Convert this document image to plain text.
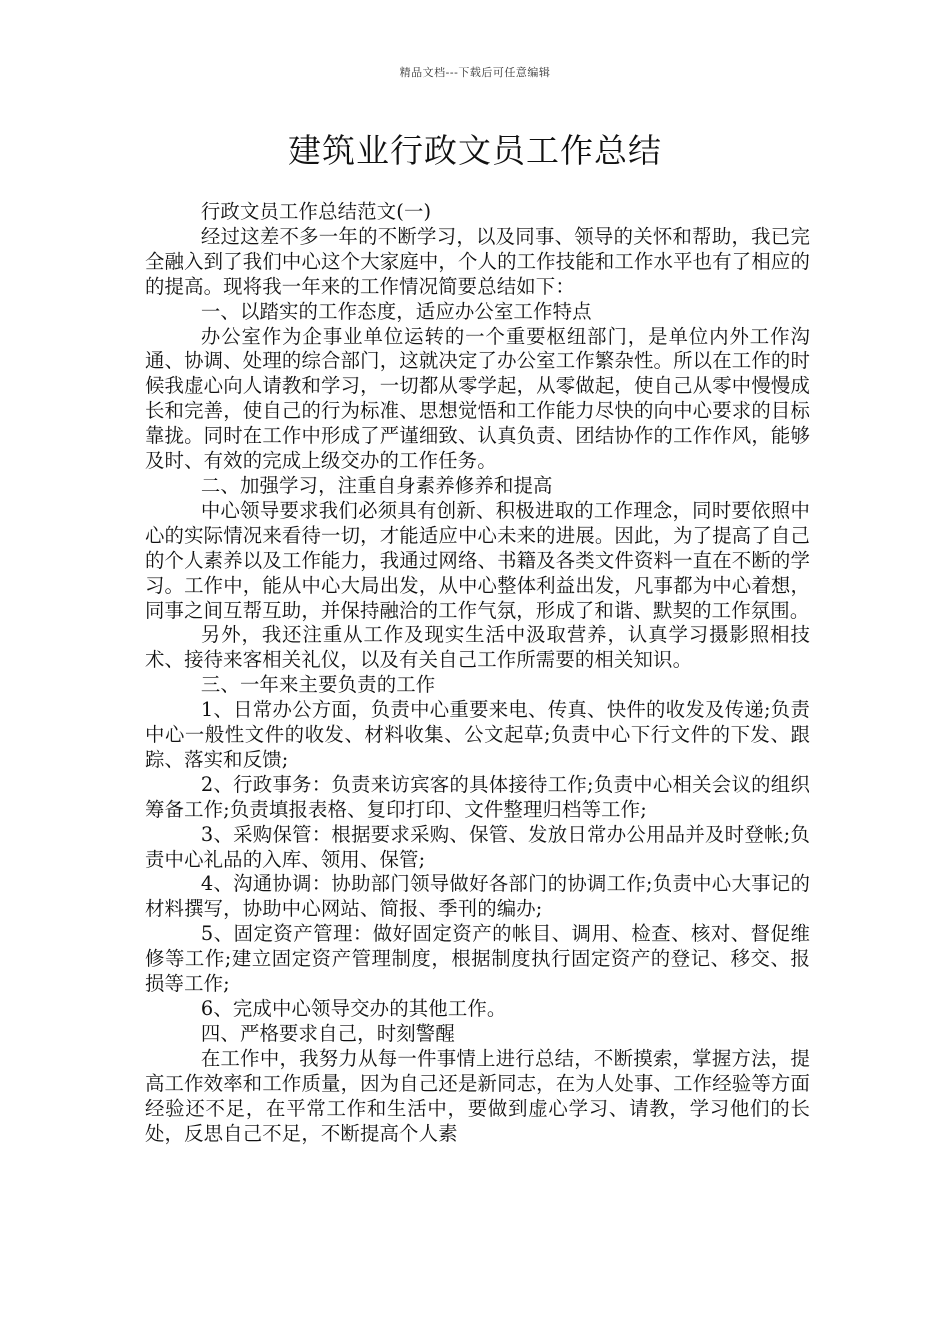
精品文档---下载后可任意编辑
建筑业行政文员工作总结

行政文员工作总结范文(一)

经过这差不多一年的不断学习，以及同事、领导的关怀和帮助，我已完全融入到了我们中心这个大家庭中，个人的工作技能和工作水平也有了相应的的提高。现将我一年来的工作情况简要总结如下：

一、以踏实的工作态度，适应办公室工作特点

办公室作为企事业单位运转的一个重要枢纽部门，是单位内外工作沟通、协调、处理的综合部门，这就决定了办公室工作繁杂性。所以在工作的时候我虚心向人请教和学习，一切都从零学起，从零做起，使自己从零中慢慢成长和完善，使自己的行为标准、思想觉悟和工作能力尽快的向中心要求的目标靠拢。同时在工作中形成了严谨细致、认真负责、团结协作的工作作风，能够及时、有效的完成上级交办的工作任务。

二、加强学习，注重自身素养修养和提高

中心领导要求我们必须具有创新、积极进取的工作理念，同时要依照中心的实际情况来看待一切，才能适应中心未来的进展。因此，为了提高了自己的个人素养以及工作能力，我通过网络、书籍及各类文件资料一直在不断的学习。工作中，能从中心大局出发，从中心整体利益出发，凡事都为中心着想，同事之间互帮互助，并保持融洽的工作气氛，形成了和谐、默契的工作氛围。

另外，我还注重从工作及现实生活中汲取营养，认真学习摄影照相技术、接待来客相关礼仪，以及有关自己工作所需要的相关知识。

三、一年来主要负责的工作

1、日常办公方面，负责中心重要来电、传真、快件的收发及传递;负责中心一般性文件的收发、材料收集、公文起草;负责中心下行文件的下发、跟踪、落实和反馈;

2、行政事务：负责来访宾客的具体接待工作;负责中心相关会议的组织筹备工作;负责填报表格、复印打印、文件整理归档等工作;

3、采购保管：根据要求采购、保管、发放日常办公用品并及时登帐;负责中心礼品的入库、领用、保管;

4、沟通协调：协助部门领导做好各部门的协调工作;负责中心大事记的材料撰写，协助中心网站、简报、季刊的编办;

5、固定资产管理：做好固定资产的帐目、调用、检查、核对、督促维修等工作;建立固定资产管理制度，根据制度执行固定资产的登记、移交、报损等工作;

6、完成中心领导交办的其他工作。

四、严格要求自己，时刻警醒

在工作中，我努力从每一件事情上进行总结，不断摸索，掌握方法，提高工作效率和工作质量，因为自己还是新同志，在为人处事、工作经验等方面经验还不足，在平常工作和生活中，要做到虚心学习、请教，学习他们的长处，反思自己不足，不断提高个人素
